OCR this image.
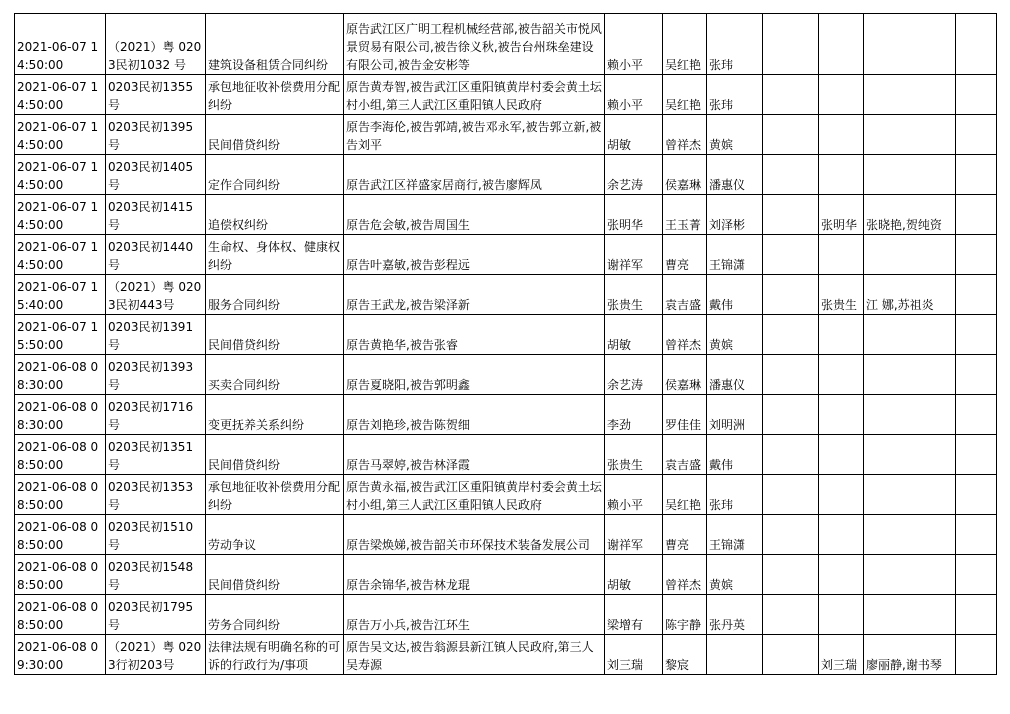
2021-06-07 14:50:00	（2021）粤 0203民初1032 号	建筑设备租赁合同纠纷	原告武江区广明工程机械经营部,被告韶关市悦风景贸易有限公司,被告徐义秋,被告台州珠垒建设有限公司,被告金安彬等	赖小平	吴红艳	张玮				
2021-06-07 14:50:00	0203民初1355 号	承包地征收补偿费用分配纠纷	原告黄寿智,被告武江区重阳镇黄岸村委会黄土坛村小组,第三人武江区重阳镇人民政府	赖小平	吴红艳	张玮				
2021-06-07 14:50:00	0203民初1395 号	民间借贷纠纷	原告李海伦,被告郭靖,被告邓永军,被告郭立新,被告刘平	胡敏	曾祥杰	黄嫔				
2021-06-07 14:50:00	0203民初1405 号	定作合同纠纷	原告武江区祥盛家居商行,被告廖辉凤	余艺涛	侯嘉琳	潘惠仪				
2021-06-07 14:50:00	0203民初1415 号	追偿权纠纷	原告危会敏,被告周国生	张明华	王玉菁	刘泽彬		张明华	张晓艳,贺纯资	
2021-06-07 14:50:00	0203民初1440 号	生命权、身体权、健康权纠纷	原告叶嘉敏,被告彭程远	谢祥军	曹亮	王锦潇				
2021-06-07 15:40:00	（2021）粤 0203民初443号	服务合同纠纷	原告王武龙,被告梁泽新	张贵生	袁吉盛	戴伟		张贵生	江 娜,苏祖炎	
2021-06-07 15:50:00	0203民初1391 号	民间借贷纠纷	原告黄艳华,被告张睿	胡敏	曾祥杰	黄嫔				
2021-06-08 08:30:00	0203民初1393 号	买卖合同纠纷	原告夏晓阳,被告郭明鑫	余艺涛	侯嘉琳	潘惠仪				
2021-06-08 08:30:00	0203民初1716 号	变更抚养关系纠纷	原告刘艳珍,被告陈贺细	李劲	罗佳佳	刘明洲				
2021-06-08 08:50:00	0203民初1351 号	民间借贷纠纷	原告马翠婷,被告林泽霞	张贵生	袁吉盛	戴伟				
2021-06-08 08:50:00	0203民初1353 号	承包地征收补偿费用分配纠纷	原告黄永福,被告武江区重阳镇黄岸村委会黄土坛村小组,第三人武江区重阳镇人民政府	赖小平	吴红艳	张玮				
2021-06-08 08:50:00	0203民初1510 号	劳动争议	原告梁焕娣,被告韶关市环保技术装备发展公司	谢祥军	曹亮	王锦潇				
2021-06-08 08:50:00	0203民初1548 号	民间借贷纠纷	原告余锦华,被告林龙琨	胡敏	曾祥杰	黄嫔				
2021-06-08 08:50:00	0203民初1795 号	劳务合同纠纷	原告万小兵,被告江环生	梁增有	陈宇静	张丹英				
2021-06-08 09:30:00	（2021）粤 0203行初203号	法律法规有明确名称的可诉的行政行为/事项	原告吴文达,被告翁源县新江镇人民政府,第三人吴寿源	刘三瑞	黎宸			刘三瑞	廖丽静,谢书琴	
